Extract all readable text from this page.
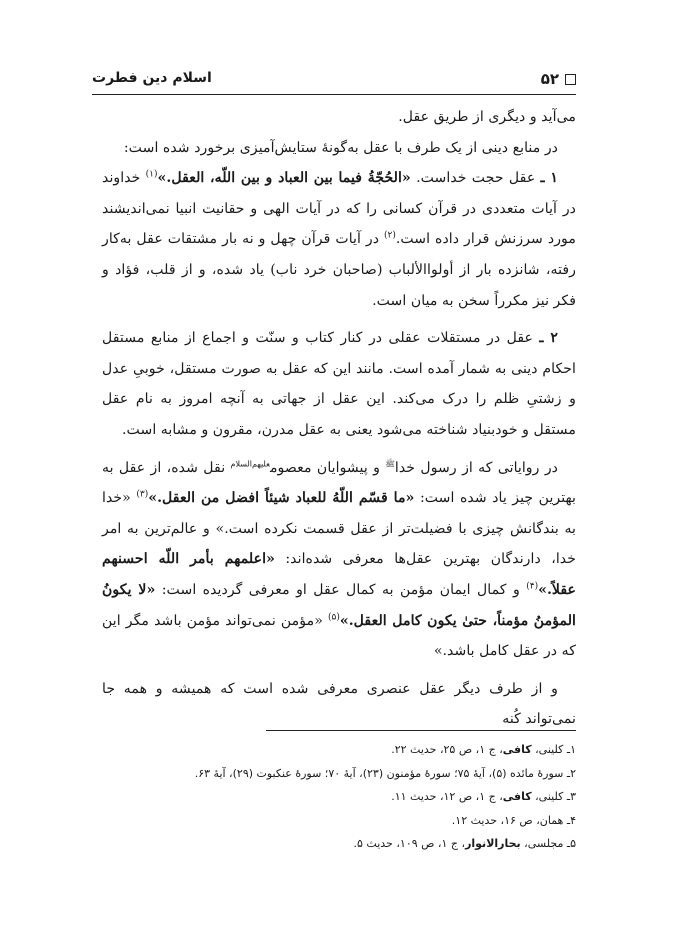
۵۲
اسلام دین فطرت

می‌آید و دیگری از طریق عقل.

در منابع دینی از یک طرف با عقل به‌گونهٔ ستایش‌آمیزی برخورد شده است:

۱ ـ عقل حجت خداست. «الحُجّةُ فیما بین العباد و بین اللّه، العقل.»$^{(۱)}$ خداوند در آیات متعددی در قرآن کسانی را که در آیات الهی و حقانیت انبیا نمی‌اندیشند مورد سرزنش قرار داده است.$^{(۲)}$ در آیات قرآن چهل و نه بار مشتقات عقل به‌کار رفته، شانزده بار از أولوا‌الألباب (صاحبان خرد ناب) یاد شده، و از قلب، فؤاد و فکر نیز مکرراً سخن به میان است.

۲ ـ عقل در مستقلات عقلی در کنار کتاب و سنّت و اجماع از منابع مستقل احکام دینی به شمار آمده است. مانند این که عقل به صورت مستقل، خوبیِ عدل و زشتیِ ظلم را درک می‌کند. این عقل از جهاتی به آنچه امروز به نام عقل مستقل و خودبنیاد شناخته می‌شود یعنی به عقل مدرن، مقرون و مشابه است.

در روایاتی که از رسول خدا$^ﷺ$ و پیشوایان معصوم$^{علیهم‌السلام}$ نقل شده، از عقل به بهترین چیز یاد شده است: «ما قسّم اللّهُ للعباد شیئاً افضل من العقل.»$^{(۳)}$ «خدا به بندگانش چیزی با فضیلت‌تر از عقل قسمت نکرده است.» و عالم‌ترین به امر خدا، دارندگان بهترین عقل‌ها معرفی شده‌اند: «اعلمهم بأمر اللّه احسنهم عقلاً.»$^{(۴)}$ و کمال ایمان مؤمن به کمال عقل او معرفی گردیده است: «لا یکونُ المؤمنُ مؤمناً، حتیٰ یکون کامل العقل.»$^{(۵)}$ «مؤمن نمی‌تواند مؤمن باشد مگر این که در عقل کامل باشد.»

و از طرف دیگر عقل عنصری معرفی شده است که همیشه و همه جا نمی‌تواند کُنه

۱ـ کلینی، کافی، ج ۱، ص ۲۵، حدیث ۲۲.
۲ـ سورهٔ مائده (۵)، آیهٔ ۷۵؛ سورهٔ مؤمنون (۲۳)، آیهٔ ۷۰؛ سورهٔ عنکبوت (۲۹)، آیهٔ ۶۳.
۳ـ کلینی، کافی، ج ۱، ص ۱۲، حدیث ۱۱.
۴ـ همان، ص ۱۶، حدیث ۱۲.
۵ـ مجلسی، بحارالانوار، ج ۱، ص ۱۰۹، حدیث ۵.
